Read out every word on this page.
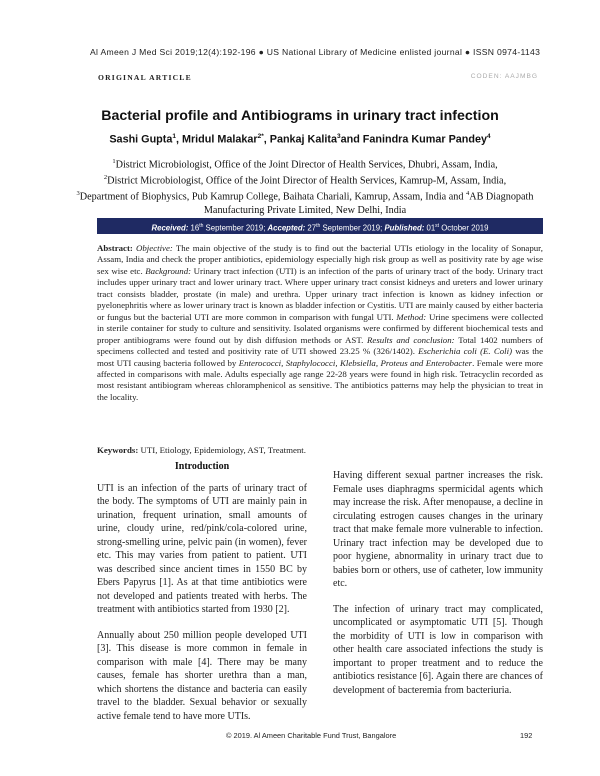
Al Ameen J Med Sci 2019;12(4):192-196 ● US National Library of Medicine enlisted journal ● ISSN 0974-1143
ORIGINAL ARTICLE	CODEN: AAJMBG
Bacterial profile and Antibiograms in urinary tract infection
Sashi Gupta$^1$, Mridul Malakar$^{2*}$, Pankaj Kalita$^3$and Fanindra Kumar Pandey$^4$
$^1$District Microbiologist, Office of the Joint Director of Health Services, Dhubri, Assam, India,
$^2$District Microbiologist, Office of the Joint Director of Health Services, Kamrup-M, Assam, India,
$^3$Department of Biophysics, Pub Kamrup College, Baihata Chariali, Kamrup, Assam, India and $^4$AB Diagnopath Manufacturing Private Limited, New Delhi, India
Received: 16th September 2019; Accepted: 27th September 2019; Published: 01st October 2019
Abstract: Objective: The main objective of the study is to find out the bacterial UTIs etiology in the locality of Sonapur, Assam, India and check the proper antibiotics, epidemiology especially high risk group as well as positivity rate by age wise sex wise etc. Background: Urinary tract infection (UTI) is an infection of the parts of urinary tract of the body. Urinary tract includes upper urinary tract and lower urinary tract. Where upper urinary tract consist kidneys and ureters and lower urinary tract consists bladder, prostate (in male) and urethra. Upper urinary tract infection is known as kidney infection or pyelonephritis where as lower urinary tract is known as bladder infection or Cystitis. UTI are mainly caused by either bacteria or fungus but the bacterial UTI are more common in comparison with fungal UTI. Method: Urine specimens were collected in sterile container for study to culture and sensitivity. Isolated organisms were confirmed by different biochemical tests and proper antibiograms were found out by dish diffusion methods or AST. Results and conclusion: Total 1402 numbers of specimens collected and tested and positivity rate of UTI showed 23.25 % (326/1402). Escherichia coli (E. Coli) was the most UTI causing bacteria followed by Enterococci, Staphylococci, Klebsiella, Proteus and Enterobacter. Female were more affected in comparisons with male. Adults especially age range 22-28 years were found in high risk. Tetracyclin recorded as most resistant antibiogram whereas chloramphenicol as sensitive. The antibiotics patterns may help the physician to treat in the locality.
Keywords: UTI, Etiology, Epidemiology, AST, Treatment.
Introduction

UTI is an infection of the parts of urinary tract of the body. The symptoms of UTI are mainly pain in urination, frequent urination, small amounts of urine, cloudy urine, red/pink/cola-colored urine, strong-smelling urine, pelvic pain (in women), fever etc. This may varies from patient to patient. UTI was described since ancient times in 1550 BC by Ebers Papyrus [1]. As at that time antibiotics were not developed and patients treated with herbs. The treatment with antibiotics started from 1930 [2].

Annually about 250 million people developed UTI [3]. This disease is more common in female in comparison with male [4]. There may be many causes, female has shorter urethra than a man, which shortens the distance and bacteria can easily travel to the bladder. Sexual behavior or sexually active female tend to have more UTIs.

Having different sexual partner increases the risk. Female uses diaphragms spermicidal agents which may increase the risk. After menopause, a decline in circulating estrogen causes changes in the urinary tract that make female more vulnerable to infection. Urinary tract infection may be developed due to poor hygiene, abnormality in urinary tract due to babies born or others, use of catheter, low immunity etc.

The infection of urinary tract may complicated, uncomplicated or asymptomatic UTI [5]. Though the morbidity of UTI is low in comparison with other health care associated infections the study is important to proper treatment and to reduce the antibiotics resistance [6]. Again there are chances of development of bacteremia from bacteriuria.

© 2019. Al Ameen Charitable Fund Trust, Bangalore	192
